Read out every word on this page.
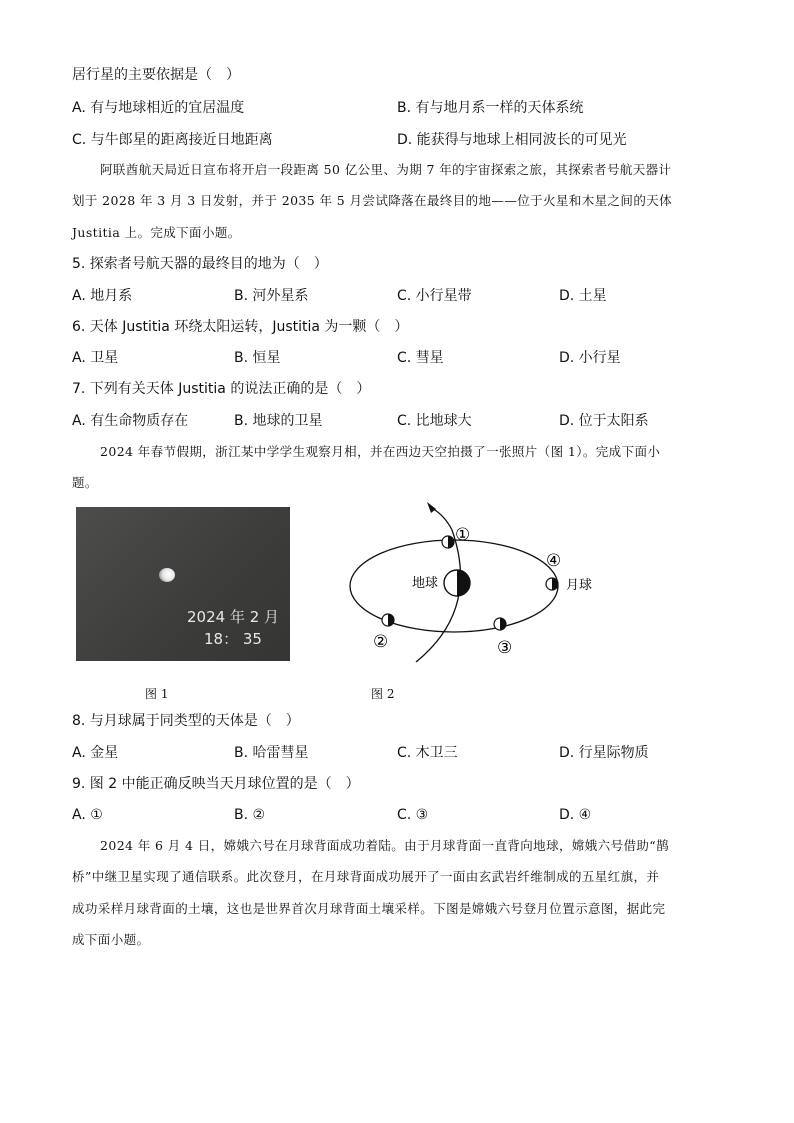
居行星的主要依据是（　）
A. 有与地球相近的宜居温度	B. 有与地月系一样的天体系统
C. 与牛郎星的距离接近日地距离	D. 能获得与地球上相同波长的可见光
阿联酋航天局近日宣布将开启一段距离 50 亿公里、为期 7 年的宇宙探索之旅，其探索者号航天器计
划于 2028 年 3 月 3 日发射，并于 2035 年 5 月尝试降落在最终目的地——位于火星和木星之间的天体
Justitia 上。完成下面小题。
5. 探索者号航天器的最终目的地为（　）
A. 地月系	B. 河外星系	C. 小行星带	D. 土星
6. 天体 Justitia 环绕太阳运转，Justitia 为一颗（　）
A. 卫星	B. 恒星	C. 彗星	D. 小行星
7. 下列有关天体 Justitia 的说法正确的是（　）
A. 有生命物质存在	B. 地球的卫星	C. 比地球大	D. 位于太阳系
2024 年春节假期，浙江某中学学生观察月相，并在西边天空拍摄了一张照片（图 1）。完成下面小
题。
2024 年 2 月
18： 35
图 1
地球	月球
①
②	③
④
图 2
8. 与月球属于同类型的天体是（　）
A. 金星	B. 哈雷彗星	C. 木卫三	D. 行星际物质
9. 图 2 中能正确反映当天月球位置的是（　）
A. ①	B. ②	C. ③	D. ④
2024 年 6 月 4 日，嫦娥六号在月球背面成功着陆。由于月球背面一直背向地球，嫦娥六号借助“鹊
桥”中继卫星实现了通信联系。此次登月，在月球背面成功展开了一面由玄武岩纤维制成的五星红旗，并
成功采样月球背面的土壤，这也是世界首次月球背面土壤采样。下图是嫦娥六号登月位置示意图，据此完
成下面小题。
